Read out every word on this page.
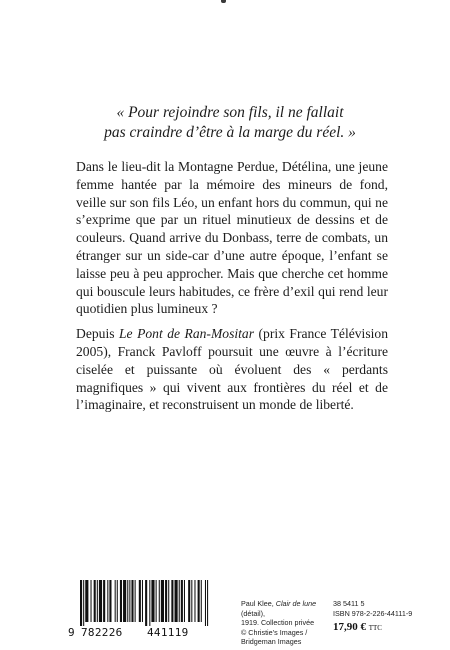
« Pour rejoindre son fils, il ne fallait
pas craindre d’être à la marge du réel. »

Dans le lieu-dit la Montagne Perdue, Détélina, une jeune femme hantée par la mémoire des mineurs de fond, veille sur son fils Léo, un enfant hors du commun, qui ne s’exprime que par un rituel minutieux de dessins et de couleurs. Quand arrive du Donbass, terre de combats, un étranger sur un side-car d’une autre époque, l’enfant se laisse peu à peu approcher. Mais que cherche cet homme qui bouscule leurs habitudes, ce frère d’exil qui rend leur quotidien plus lumineux ?

Depuis Le Pont de Ran-Mositar (prix France Télévision 2005), Franck Pavloff poursuit une œuvre à l’écriture ciselée et puissante où évoluent des « perdants magnifiques » qui vivent aux frontières du réel et de l’imaginaire, et reconstruisent un monde de liberté.

9 782226 441119
Paul Klee, Clair de lune (détail),
1919. Collection privée
© Christie’s Images /
Bridgeman Images
38 5411 5
ISBN 978-2-226-44111-9
17,90 € TTC
